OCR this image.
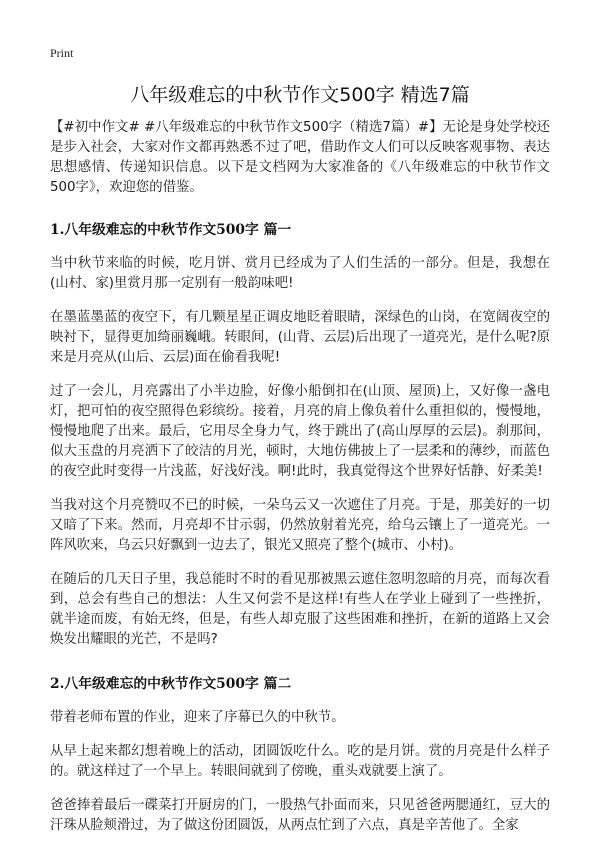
Print
八年级难忘的中秋节作文500字 精选7篇

【#初中作文# #八年级难忘的中秋节作文500字（精选7篇）#】无论是身处学校还是步入社会，大家对作文都再熟悉不过了吧，借助作文人们可以反映客观事物、表达思想感情、传递知识信息。以下是文档网为大家准备的《八年级难忘的中秋节作文500字》，欢迎您的借鉴。

1.八年级难忘的中秋节作文500字 篇一

当中秋节来临的时候，吃月饼、赏月已经成为了人们生活的一部分。但是，我想在(山村、家)里赏月那一定别有一般韵味吧!

在墨蓝墨蓝的夜空下，有几颗星星正调皮地眨着眼睛，深绿色的山岗，在宽阔夜空的映衬下，显得更加绮丽巍峨。转眼间，(山背、云层)后出现了一道亮光，是什么呢?原来是月亮从(山后、云层)面在偷看我呢!

过了一会儿，月亮露出了小半边脸，好像小船倒扣在(山顶、屋顶)上，又好像一盏电灯，把可怕的夜空照得色彩缤纷。接着，月亮的肩上像负着什么重担似的，慢慢地，慢慢地爬了出来。最后，它用尽全身力气，终于跳出了(高山厚厚的云层)。刹那间，似大玉盘的月亮洒下了皎洁的月光，顿时，大地仿佛披上了一层柔和的薄纱，而蓝色的夜空此时变得一片浅蓝，好浅好浅。啊!此时，我真觉得这个世界好恬静、好柔美!

当我对这个月亮赞叹不已的时候，一朵乌云又一次遮住了月亮。于是，那美好的一切又暗了下来。然而，月亮却不甘示弱，仍然放射着光亮，给乌云镶上了一道亮光。一阵风吹来，乌云只好飘到一边去了，银光又照亮了整个(城市、小村)。

在随后的几天日子里，我总能时不时的看见那被黑云遮住忽明忽暗的月亮，而每次看到，总会有些自己的想法：人生又何尝不是这样!有些人在学业上碰到了一些挫折，就半途而废，有始无终，但是，有些人却克服了这些困难和挫折，在新的道路上又会焕发出耀眼的光芒，不是吗?

2.八年级难忘的中秋节作文500字 篇二

带着老师布置的作业，迎来了序幕已久的中秋节。

从早上起来都幻想着晚上的活动，团圆饭吃什么。吃的是月饼。赏的月亮是什么样子的。就这样过了一个早上。转眼间就到了傍晚，重头戏就要上演了。

爸爸捧着最后一碟菜打开厨房的门，一股热气扑面而来，只见爸爸两腮通红，豆大的汗珠从脸颊滑过，为了做这份团圆饭，从两点忙到了六点，真是辛苦他了。全家
